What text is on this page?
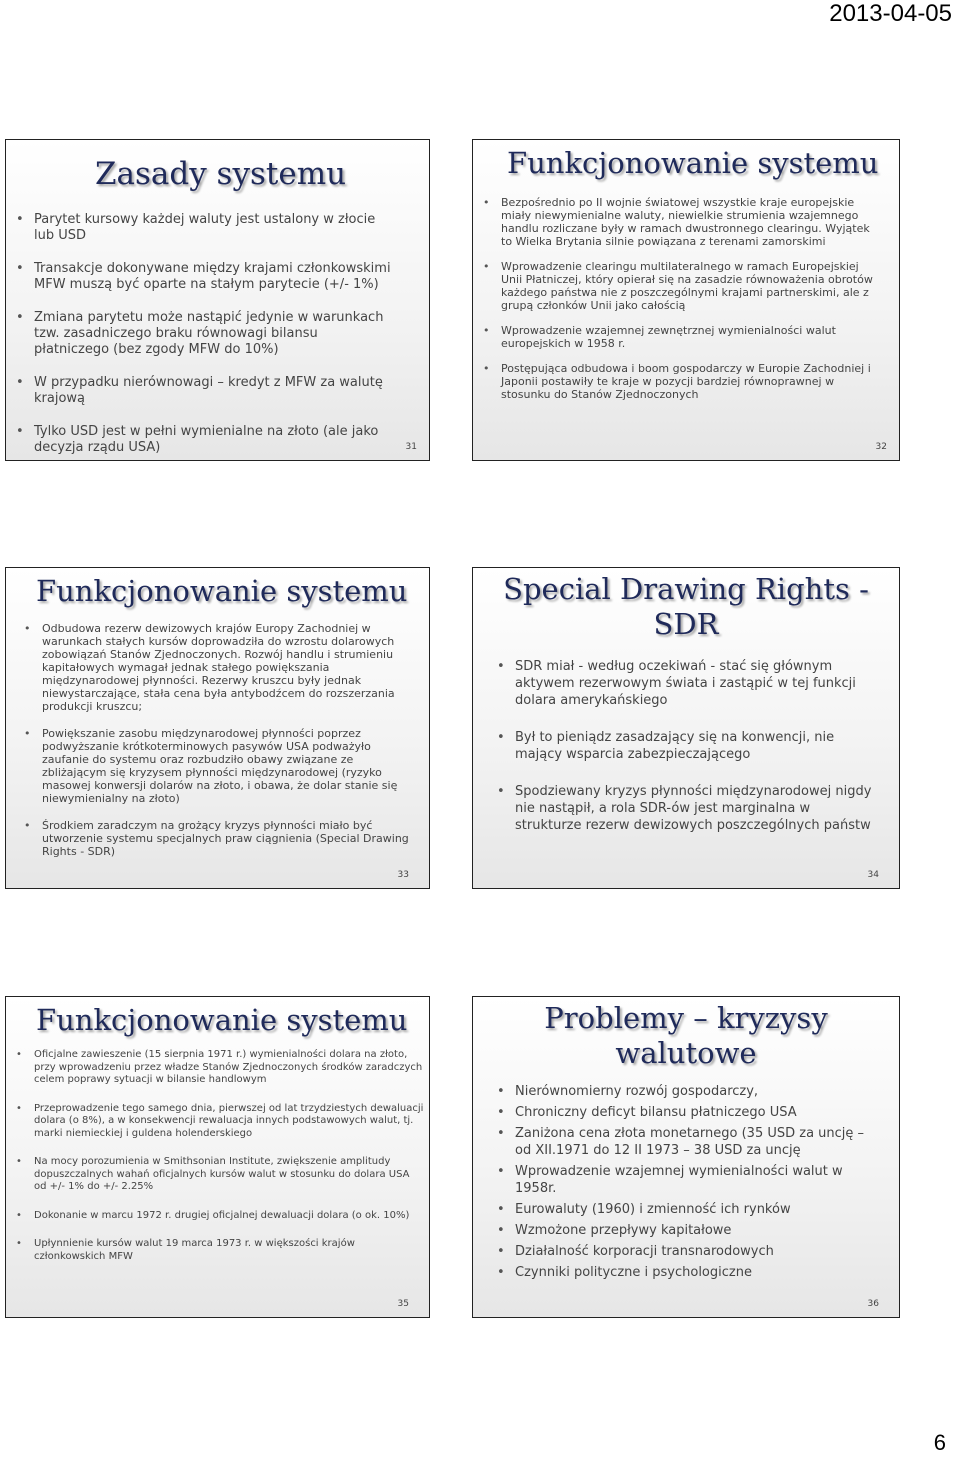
2013-04-05
Zasady systemu
• Parytet kursowy każdej waluty jest ustalony w złocie lub USD
• Transakcje dokonywane między krajami członkowskimi MFW muszą być oparte na stałym parytecie (+/- 1%)
• Zmiana parytetu może nastąpić jedynie w warunkach tzw. zasadniczego braku równowagi bilansu płatniczego (bez zgody MFW do 10%)
• W przypadku nierównowagi – kredyt z MFW za walutę krajową
• Tylko USD jest w pełni wymienialne na złoto (ale jako decyzja rządu USA)	31
Funkcjonowanie systemu
• Bezpośrednio po II wojnie światowej wszystkie kraje europejskie miały niewymienialne waluty, niewielkie strumienia wzajemnego handlu rozliczane były w ramach dwustronnego clearingu. Wyjątek to Wielka Brytania silnie powiązana z terenami zamorskimi
• Wprowadzenie clearingu multilateralnego w ramach Europejskiej Unii Płatniczej, który opierał się na zasadzie równoważenia obrotów każdego państwa nie z poszczególnymi krajami partnerskimi, ale z grupą członków Unii jako całością
• Wprowadzenie wzajemnej zewnętrznej wymienialności walut europejskich w 1958 r.
• Postępująca odbudowa i boom gospodarczy w Europie Zachodniej i Japonii postawiły te kraje w pozycji bardziej równoprawnej w stosunku do Stanów Zjednoczonych
32
Funkcjonowanie systemu
• Odbudowa rezerw dewizowych krajów Europy Zachodniej w warunkach stałych kursów doprowadziła do wzrostu dolarowych zobowiązań Stanów Zjednoczonych. Rozwój handlu i strumieniu kapitałowych wymagał jednak stałego powiększania międzynarodowej płynności. Rezerwy kruszcu były jednak niewystarczające, stała cena była antybodźcem do rozszerzania produkcji kruszcu;
• Powiększanie zasobu międzynarodowej płynności poprzez podwyższanie krótkoterminowych pasywów USA podważyło zaufanie do systemu oraz rozbudziło obawy związane ze zbliżającym się kryzysem płynności międzynarodowej (ryzyko masowej konwersji dolarów na złoto, i obawa, że dolar stanie się niewymienialny na złoto)
• Środkiem zaradczym na grożący kryzys płynności miało być utworzenie systemu specjalnych praw ciągnienia (Special Drawing Rights - SDR)
33
Special Drawing Rights - SDR
• SDR miał - według oczekiwań - stać się głównym aktywem rezerwowym świata i zastąpić w tej funkcji dolara amerykańskiego
• Był to pieniądz zasadzający się na konwencji, nie mający wsparcia zabezpieczającego
• Spodziewany kryzys płynności międzynarodowej nigdy nie nastąpił, a rola SDR-ów jest marginalna w strukturze rezerw dewizowych poszczególnych państw
34
Funkcjonowanie systemu
• Oficjalne zawieszenie (15 sierpnia 1971 r.) wymienialności dolara na złoto, przy wprowadzeniu przez władze Stanów Zjednoczonych środków zaradczych celem poprawy sytuacji w bilansie handlowym
• Przeprowadzenie tego samego dnia, pierwszej od lat trzydziestych dewaluacji dolara (o 8%), a w konsekwencji rewaluacja innych podstawowych walut, tj. marki niemieckiej i guldena holenderskiego
• Na mocy porozumienia w Smithsonian Institute, zwiększenie amplitudy dopuszczalnych wahań oficjalnych kursów walut w stosunku do dolara USA od +/- 1% do +/- 2.25%
• Dokonanie w marcu 1972 r. drugiej oficjalnej dewaluacji dolara (o ok. 10%)
• Upłynnienie kursów walut 19 marca 1973 r. w większości krajów członkowskich MFW
35
Problemy – kryzysy walutowe
• Nierównomierny rozwój gospodarczy,
• Chroniczny deficyt bilansu płatniczego USA
• Zaniżona cena złota monetarnego (35 USD za uncję – od XII.1971 do 12 II 1973 – 38 USD za uncję
• Wprowadzenie wzajemnej wymienialności walut w 1958r.
• Eurowaluty (1960) i zmienność ich rynków
• Wzmożone przepływy kapitałowe
• Działalność korporacji transnarodowych
• Czynniki polityczne i psychologiczne
36
6
